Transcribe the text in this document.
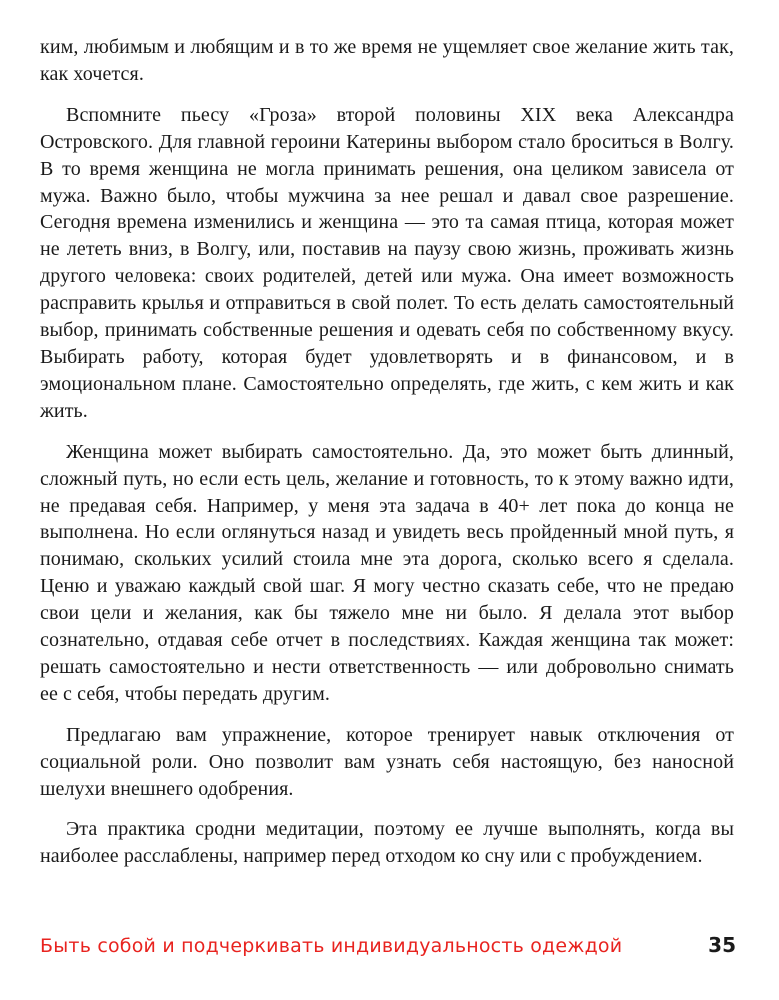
ким, любимым и любящим и в то же время не ущемляет свое желание жить так, как хочется.

Вспомните пьесу «Гроза» второй половины XIX века Александра Островского. Для главной героини Катерины выбором стало броситься в Волгу. В то время женщина не могла принимать решения, она целиком зависела от мужа. Важно было, чтобы мужчина за нее решал и давал свое разрешение. Сегодня времена изменились и женщина — это та самая птица, которая может не лететь вниз, в Волгу, или, поставив на паузу свою жизнь, проживать жизнь другого человека: своих родителей, детей или мужа. Она имеет возможность расправить крылья и отправиться в свой полет. То есть делать самостоятельный выбор, принимать собственные решения и одевать себя по собственному вкусу. Выбирать работу, которая будет удовлетворять и в финансовом, и в эмоциональном плане. Самостоятельно определять, где жить, с кем жить и как жить.

Женщина может выбирать самостоятельно. Да, это может быть длинный, сложный путь, но если есть цель, желание и готовность, то к этому важно идти, не предавая себя. Например, у меня эта задача в 40+ лет пока до конца не выполнена. Но если оглянуться назад и увидеть весь пройденный мной путь, я понимаю, скольких усилий стоила мне эта дорога, сколько всего я сделала. Ценю и уважаю каждый свой шаг. Я могу честно сказать себе, что не предаю свои цели и желания, как бы тяжело мне ни было. Я делала этот выбор сознательно, отдавая себе отчет в последствиях. Каждая женщина так может: решать самостоятельно и нести ответственность — или добровольно снимать ее с себя, чтобы передать другим.

Предлагаю вам упражнение, которое тренирует навык отключения от социальной роли. Оно позволит вам узнать себя настоящую, без наносной шелухи внешнего одобрения.

Эта практика сродни медитации, поэтому ее лучше выполнять, когда вы наиболее расслаблены, например перед отходом ко сну или с пробуждением.

Быть собой и подчеркивать индивидуальность одеждой	35
